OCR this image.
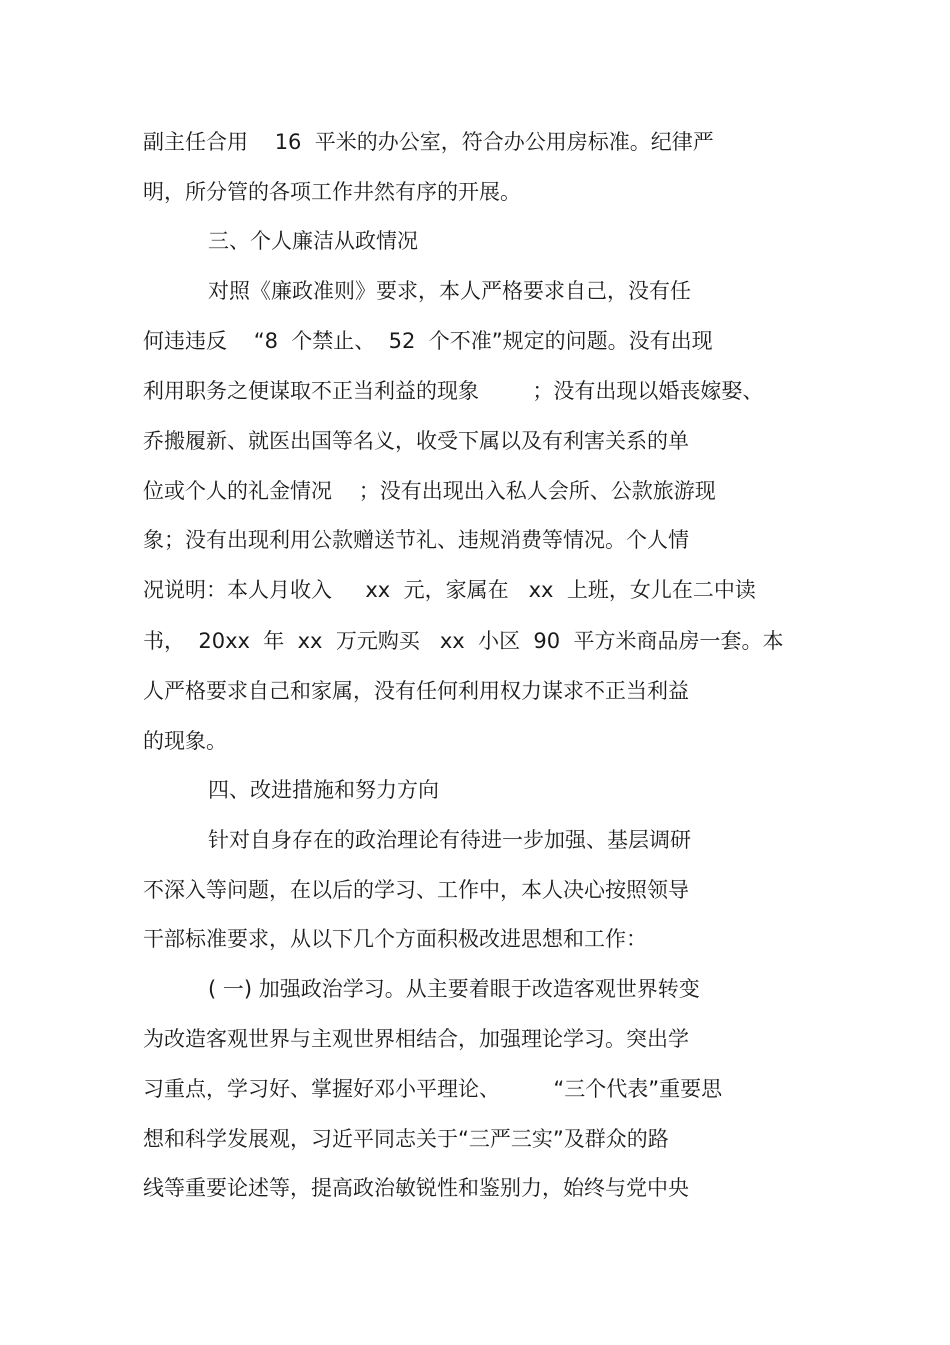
副主任合用    16  平米的办公室，符合办公用房标准。纪律严
明，所分管的各项工作井然有序的开展。
三、个人廉洁从政情况
对照《廉政准则》要求，本人严格要求自己，没有任
何违违反    “8  个禁止、  52  个不准”规定的问题。没有出现
利用职务之便谋取不正当利益的现象        ；没有出现以婚丧嫁娶、
乔搬履新、就医出国等名义，收受下属以及有利害关系的单
位或个人的礼金情况    ；没有出现出入私人会所、公款旅游现
象；没有出现利用公款赠送节礼、违规消费等情况。个人情
况说明：本人月收入     xx  元，家属在   xx  上班，女儿在二中读
书，  20xx  年  xx  万元购买   xx  小区  90  平方米商品房一套。本
人严格要求自己和家属，没有任何利用权力谋求不正当利益
的现象。
四、改进措施和努力方向
针对自身存在的政治理论有待进一步加强、基层调研
不深入等问题，在以后的学习、工作中，本人决心按照领导
干部标准要求，从以下几个方面积极改进思想和工作：
( 一) 加强政治学习。从主要着眼于改造客观世界转变
为改造客观世界与主观世界相结合，加强理论学习。突出学
习重点，学习好、掌握好邓小平理论、        “三个代表”重要思
想和科学发展观，习近平同志关于“三严三实”及群众的路
线等重要论述等，提高政治敏锐性和鉴别力，始终与党中央
